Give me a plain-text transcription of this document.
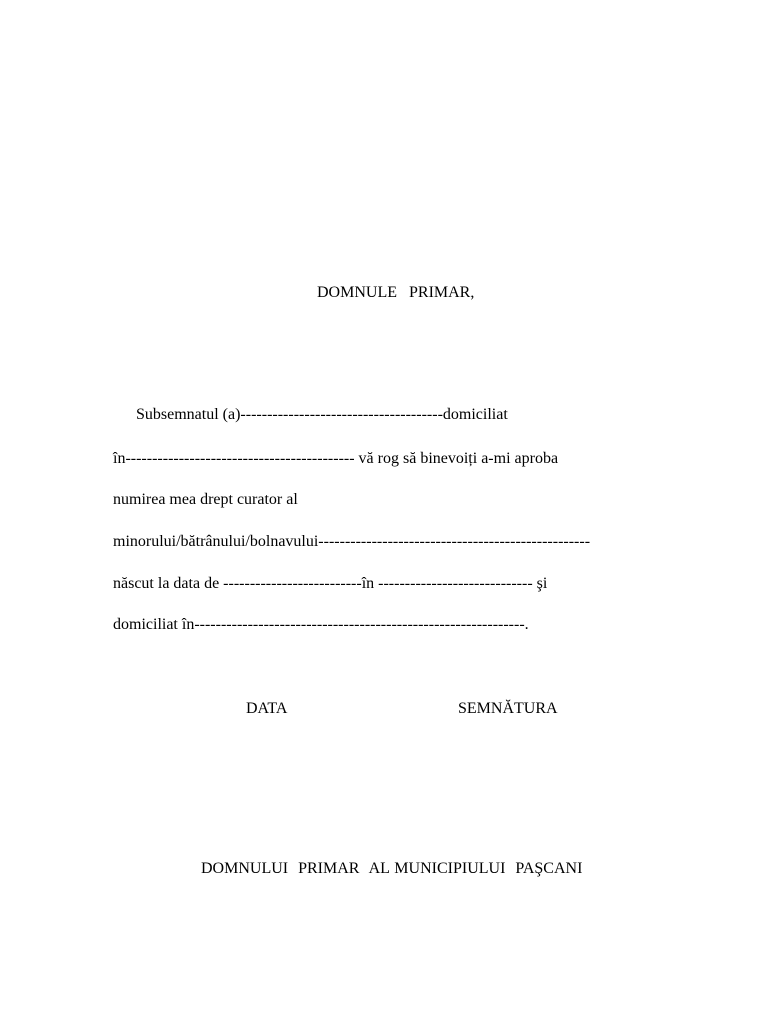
DOMNULE  PRIMAR,
Subsemnatul (a)--------------------------------------domiciliat
în------------------------------------------- vă rog să binevoiți a-mi aproba
numirea mea drept curator al
minorului/bătrânului/bolnavului---------------------------------------------------
născut la data de --------------------------în ----------------------------- şi
domiciliat în--------------------------------------------------------------.
DATA	SEMNĂTURA
DOMNULUI  PRIMAR  AL MUNICIPIULUI  PAŞCANI
